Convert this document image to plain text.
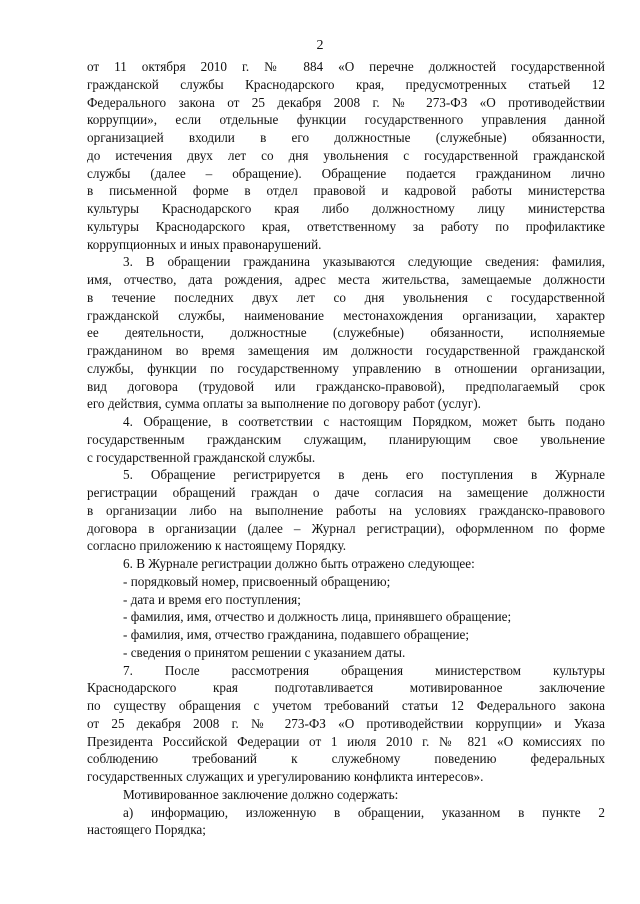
2
от 11 октября 2010 г. № 884 «О перечне должностей государственной
гражданской службы Краснодарского края, предусмотренных статьей 12
Федерального закона от 25 декабря 2008 г. № 273-ФЗ «О противодействии
коррупции», если отдельные функции государственного управления данной
организацией входили в его должностные (служебные) обязанности,
до истечения двух лет со дня увольнения с государственной гражданской
службы (далее – обращение). Обращение подается гражданином лично
в письменной форме в отдел правовой и кадровой работы министерства
культуры Краснодарского края либо должностному лицу министерства
культуры Краснодарского края, ответственному за работу по профилактике
коррупционных и иных правонарушений.
3. В обращении гражданина указываются следующие сведения: фамилия,
имя, отчество, дата рождения, адрес места жительства, замещаемые должности
в течение последних двух лет со дня увольнения с государственной
гражданской службы, наименование местонахождения организации, характер
ее деятельности, должностные (служебные) обязанности, исполняемые
гражданином во время замещения им должности государственной гражданской
службы, функции по государственному управлению в отношении организации,
вид договора (трудовой или гражданско-правовой), предполагаемый срок
его действия, сумма оплаты за выполнение по договору работ (услуг).
4. Обращение, в соответствии с настоящим Порядком, может быть подано
государственным гражданским служащим, планирующим свое увольнение
с государственной гражданской службы.
5. Обращение регистрируется в день его поступления в Журнале
регистрации обращений граждан о даче согласия на замещение должности
в организации либо на выполнение работы на условиях гражданско-правового
договора в организации (далее – Журнал регистрации), оформленном по форме
согласно приложению к настоящему Порядку.
6. В Журнале регистрации должно быть отражено следующее:
- порядковый номер, присвоенный обращению;
- дата и время его поступления;
- фамилия, имя, отчество и должность лица, принявшего обращение;
- фамилия, имя, отчество гражданина, подавшего обращение;
- сведения о принятом решении с указанием даты.
7. После рассмотрения обращения министерством культуры
Краснодарского края подготавливается мотивированное заключение
по существу обращения с учетом требований статьи 12 Федерального закона
от 25 декабря 2008 г. № 273-ФЗ «О противодействии коррупции» и Указа
Президента Российской Федерации от 1 июля 2010 г. № 821 «О комиссиях по
соблюдению требований к служебному поведению федеральных
государственных служащих и урегулированию конфликта интересов».
Мотивированное заключение должно содержать:
а) информацию, изложенную в обращении, указанном в пункте 2
настоящего Порядка;
